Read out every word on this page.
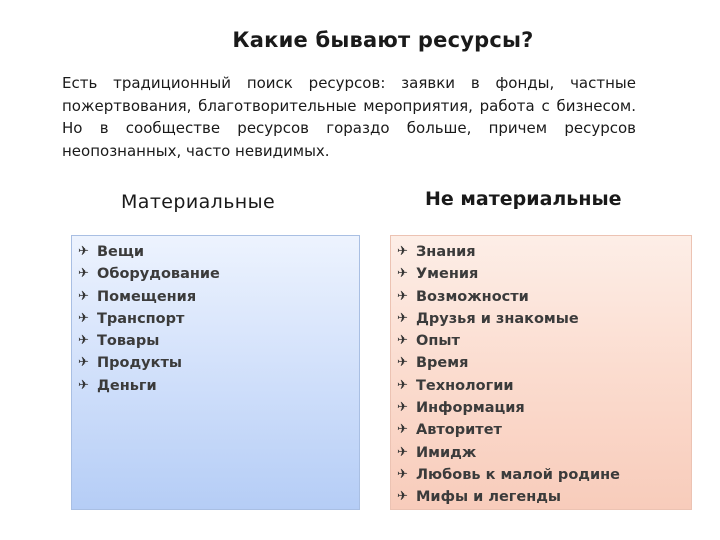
Какие бывают ресурсы?
Есть традиционный поиск ресурсов: заявки в фонды, частные пожертвования, благотворительные мероприятия, работа с бизнесом. Но в сообществе ресурсов гораздо больше, причем ресурсов неопознанных, часто невидимых.
Материальные	Не материальные
✈ Вещи
✈ Оборудование
✈ Помещения
✈ Транспорт
✈ Товары
✈ Продукты
✈ Деньги
✈ Знания
✈ Умения
✈ Возможности
✈ Друзья и знакомые
✈ Опыт
✈ Время
✈ Технологии
✈ Информация
✈ Авторитет
✈ Имидж
✈ Любовь к малой родине
✈ Мифы и легенды
